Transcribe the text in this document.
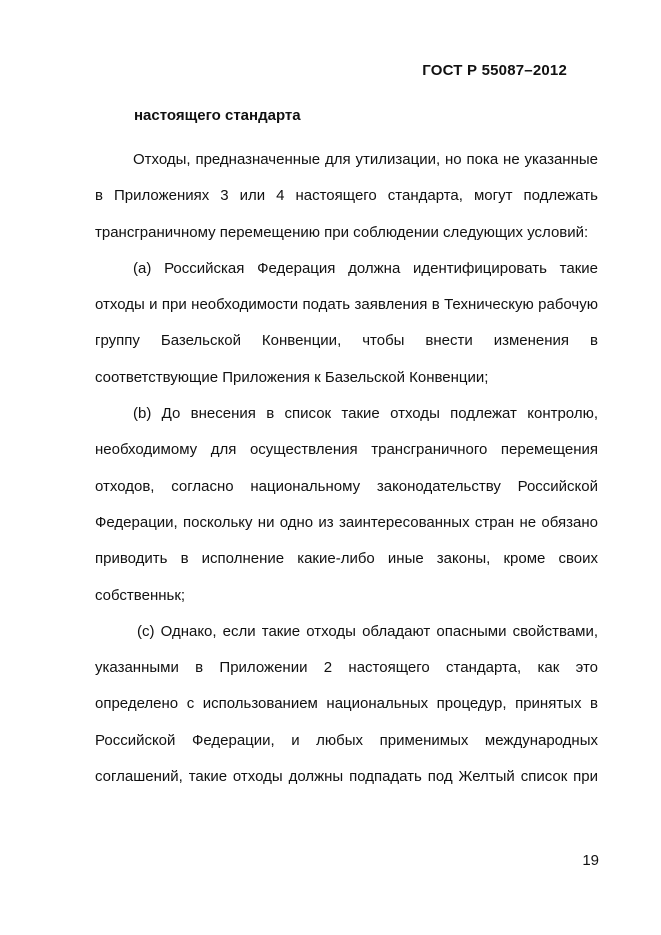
ГОСТ Р 55087–2012
настоящего стандарта

Отходы, предназначенные для утилизации, но пока не указанные в Приложениях 3 или 4 настоящего стандарта, могут подлежать трансграничному перемещению при соблюдении следующих условий:

(a) Российская Федерация должна идентифицировать такие отходы и при необходимости подать заявления в Техническую рабочую группу Базельской Конвенции, чтобы внести изменения в соответствующие Приложения к Базельской Конвенции;

(b) До внесения в список такие отходы подлежат контролю, необходимому для осуществления трансграничного перемещения отходов, согласно национальному законодательству Российской Федерации, поскольку ни одно из заинтересованных стран не обязано приводить в исполнение какие-либо иные законы, кроме своих собственньк;

(c) Однако, если такие отходы обладают опасными свойствами, указанными в Приложении 2 настоящего стандарта, как это определено с использованием национальных процедур, принятых в Российской Федерации, и любых применимых международных соглашений, такие отходы должны подпадать под Желтый список при

19
